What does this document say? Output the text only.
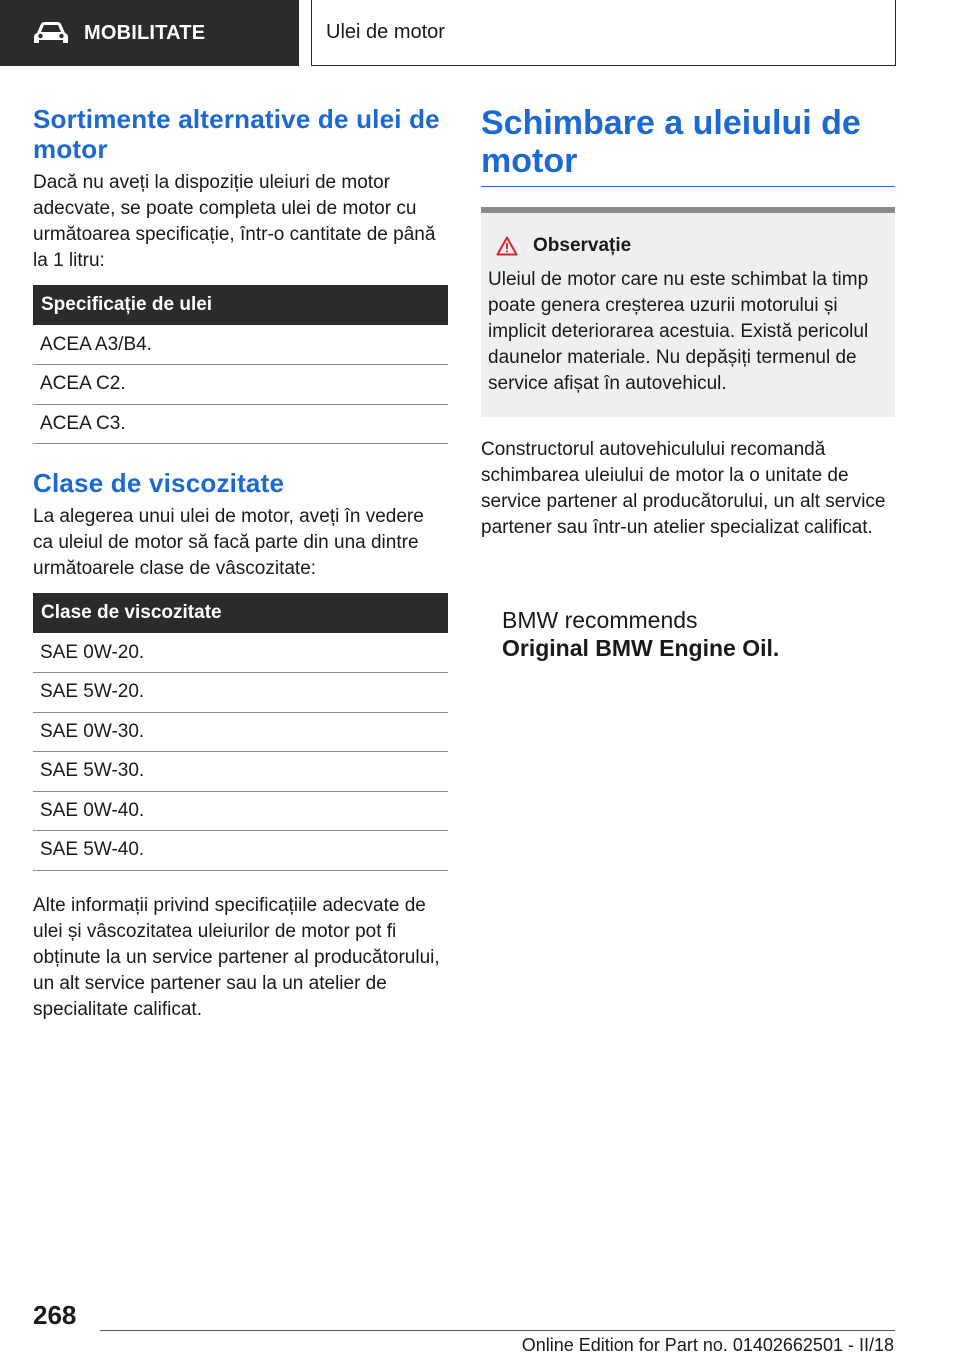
MOBILITATE	Ulei de motor
Sortimente alternative de ulei de motor
Dacă nu aveți la dispoziție uleiuri de motor adecvate, se poate completa ulei de motor cu următoarea specificație, într-o cantitate de până la 1 litru:
Specificație de ulei
ACEA A3/B4.
ACEA C2.
ACEA C3.
Clase de viscozitate
La alegerea unui ulei de motor, aveți în vedere ca uleiul de motor să facă parte din una dintre următoarele clase de vâscozitate:
Clase de viscozitate
SAE 0W-20.
SAE 5W-20.
SAE 0W-30.
SAE 5W-30.
SAE 0W-40.
SAE 5W-40.
Alte informații privind specificațiile adecvate de ulei și vâscozitatea uleiurilor de motor pot fi obținute la un service partener al producătorului, un alt service partener sau la un atelier de specialitate calificat.
Schimbare a uleiului de motor
Observație
Uleiul de motor care nu este schimbat la timp poate genera creșterea uzurii motorului și implicit deteriorarea acestuia. Există pericolul daunelor materiale. Nu depășiți termenul de service afișat în autovehicul.
Constructorul autovehiculului recomandă schimbarea uleiului de motor la o unitate de service partener al producătorului, un alt service partener sau într-un atelier specializat calificat.
BMW recommends
Original BMW Engine Oil.
268
Online Edition for Part no. 01402662501 - II/18
